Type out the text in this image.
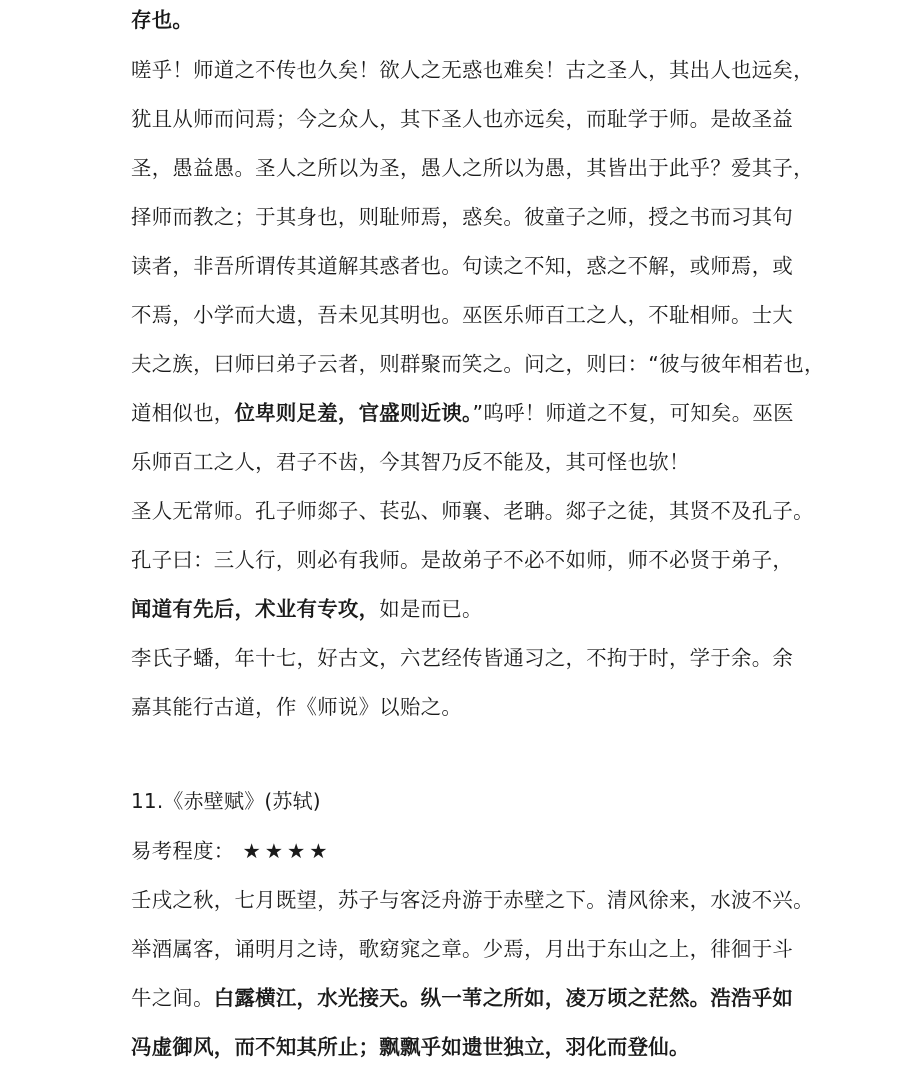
存也。
嗟乎！师道之不传也久矣！欲人之无惑也难矣！古之圣人，其出人也远矣，
犹且从师而问焉；今之众人，其下圣人也亦远矣，而耻学于师。是故圣益
圣，愚益愚。圣人之所以为圣，愚人之所以为愚，其皆出于此乎？爱其子，
择师而教之；于其身也，则耻师焉，惑矣。彼童子之师，授之书而习其句
读者，非吾所谓传其道解其惑者也。句读之不知，惑之不解，或师焉，或
不焉，小学而大遗，吾未见其明也。巫医乐师百工之人，不耻相师。士大
夫之族，曰师曰弟子云者，则群聚而笑之。问之，则曰：“彼与彼年相若也，
道相似也，位卑则足羞，官盛则近谀。”呜呼！师道之不复，可知矣。巫医
乐师百工之人，君子不齿，今其智乃反不能及，其可怪也欤！
圣人无常师。孔子师郯子、苌弘、师襄、老聃。郯子之徒，其贤不及孔子。
孔子曰：三人行，则必有我师。是故弟子不必不如师，师不必贤于弟子，
闻道有先后，术业有专攻，如是而已。
李氏子蟠，年十七，好古文，六艺经传皆通习之，不拘于时，学于余。余
嘉其能行古道，作《师说》以贻之。
11.《赤壁赋》(苏轼)
易考程度： ★★★★
壬戌之秋，七月既望，苏子与客泛舟游于赤壁之下。清风徐来，水波不兴。
举酒属客，诵明月之诗，歌窈窕之章。少焉，月出于东山之上，徘徊于斗
牛之间。白露横江，水光接天。纵一苇之所如，凌万顷之茫然。浩浩乎如
冯虚御风，而不知其所止；飘飘乎如遗世独立，羽化而登仙。
